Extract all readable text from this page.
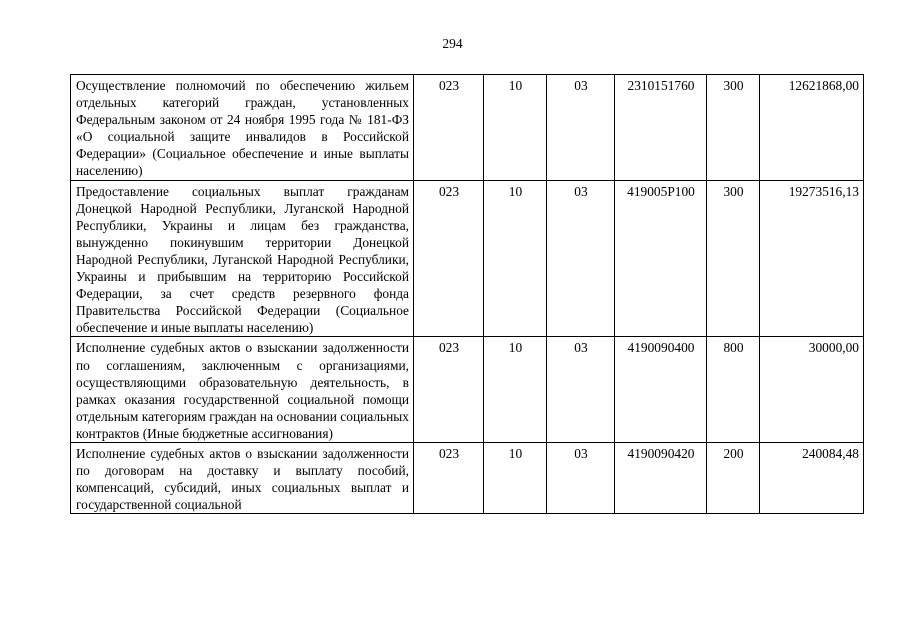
294
Осуществление полномочий по обеспечению жильем отдельных категорий граждан, установленных Федеральным законом от 24 ноября 1995 года № 181-ФЗ «О социальной защите инвалидов в Российской Федерации» (Социальное обеспечение и иные выплаты населению)	023	10	03	2310151760	300	12621868,00
Предоставление социальных выплат гражданам Донецкой Народной Республики, Луганской Народной Республики, Украины и лицам без гражданства, вынужденно покинувшим территории Донецкой Народной Республики, Луганской Народной Республики, Украины и прибывшим на территорию Российской Федерации, за счет средств резервного фонда Правительства Российской Федерации (Социальное обеспечение и иные выплаты населению)	023	10	03	419005P100	300	19273516,13
Исполнение судебных актов о взыскании задолженности по соглашениям, заключенным с организациями, осуществляющими образовательную деятельность, в рамках оказания государственной социальной помощи отдельным категориям граждан на основании социальных контрактов (Иные бюджетные ассигнования)	023	10	03	4190090400	800	30000,00
Исполнение судебных актов о взыскании задолженности по договорам на доставку и выплату пособий, компенсаций, субсидий, иных социальных выплат и государственной социальной	023	10	03	4190090420	200	240084,48
